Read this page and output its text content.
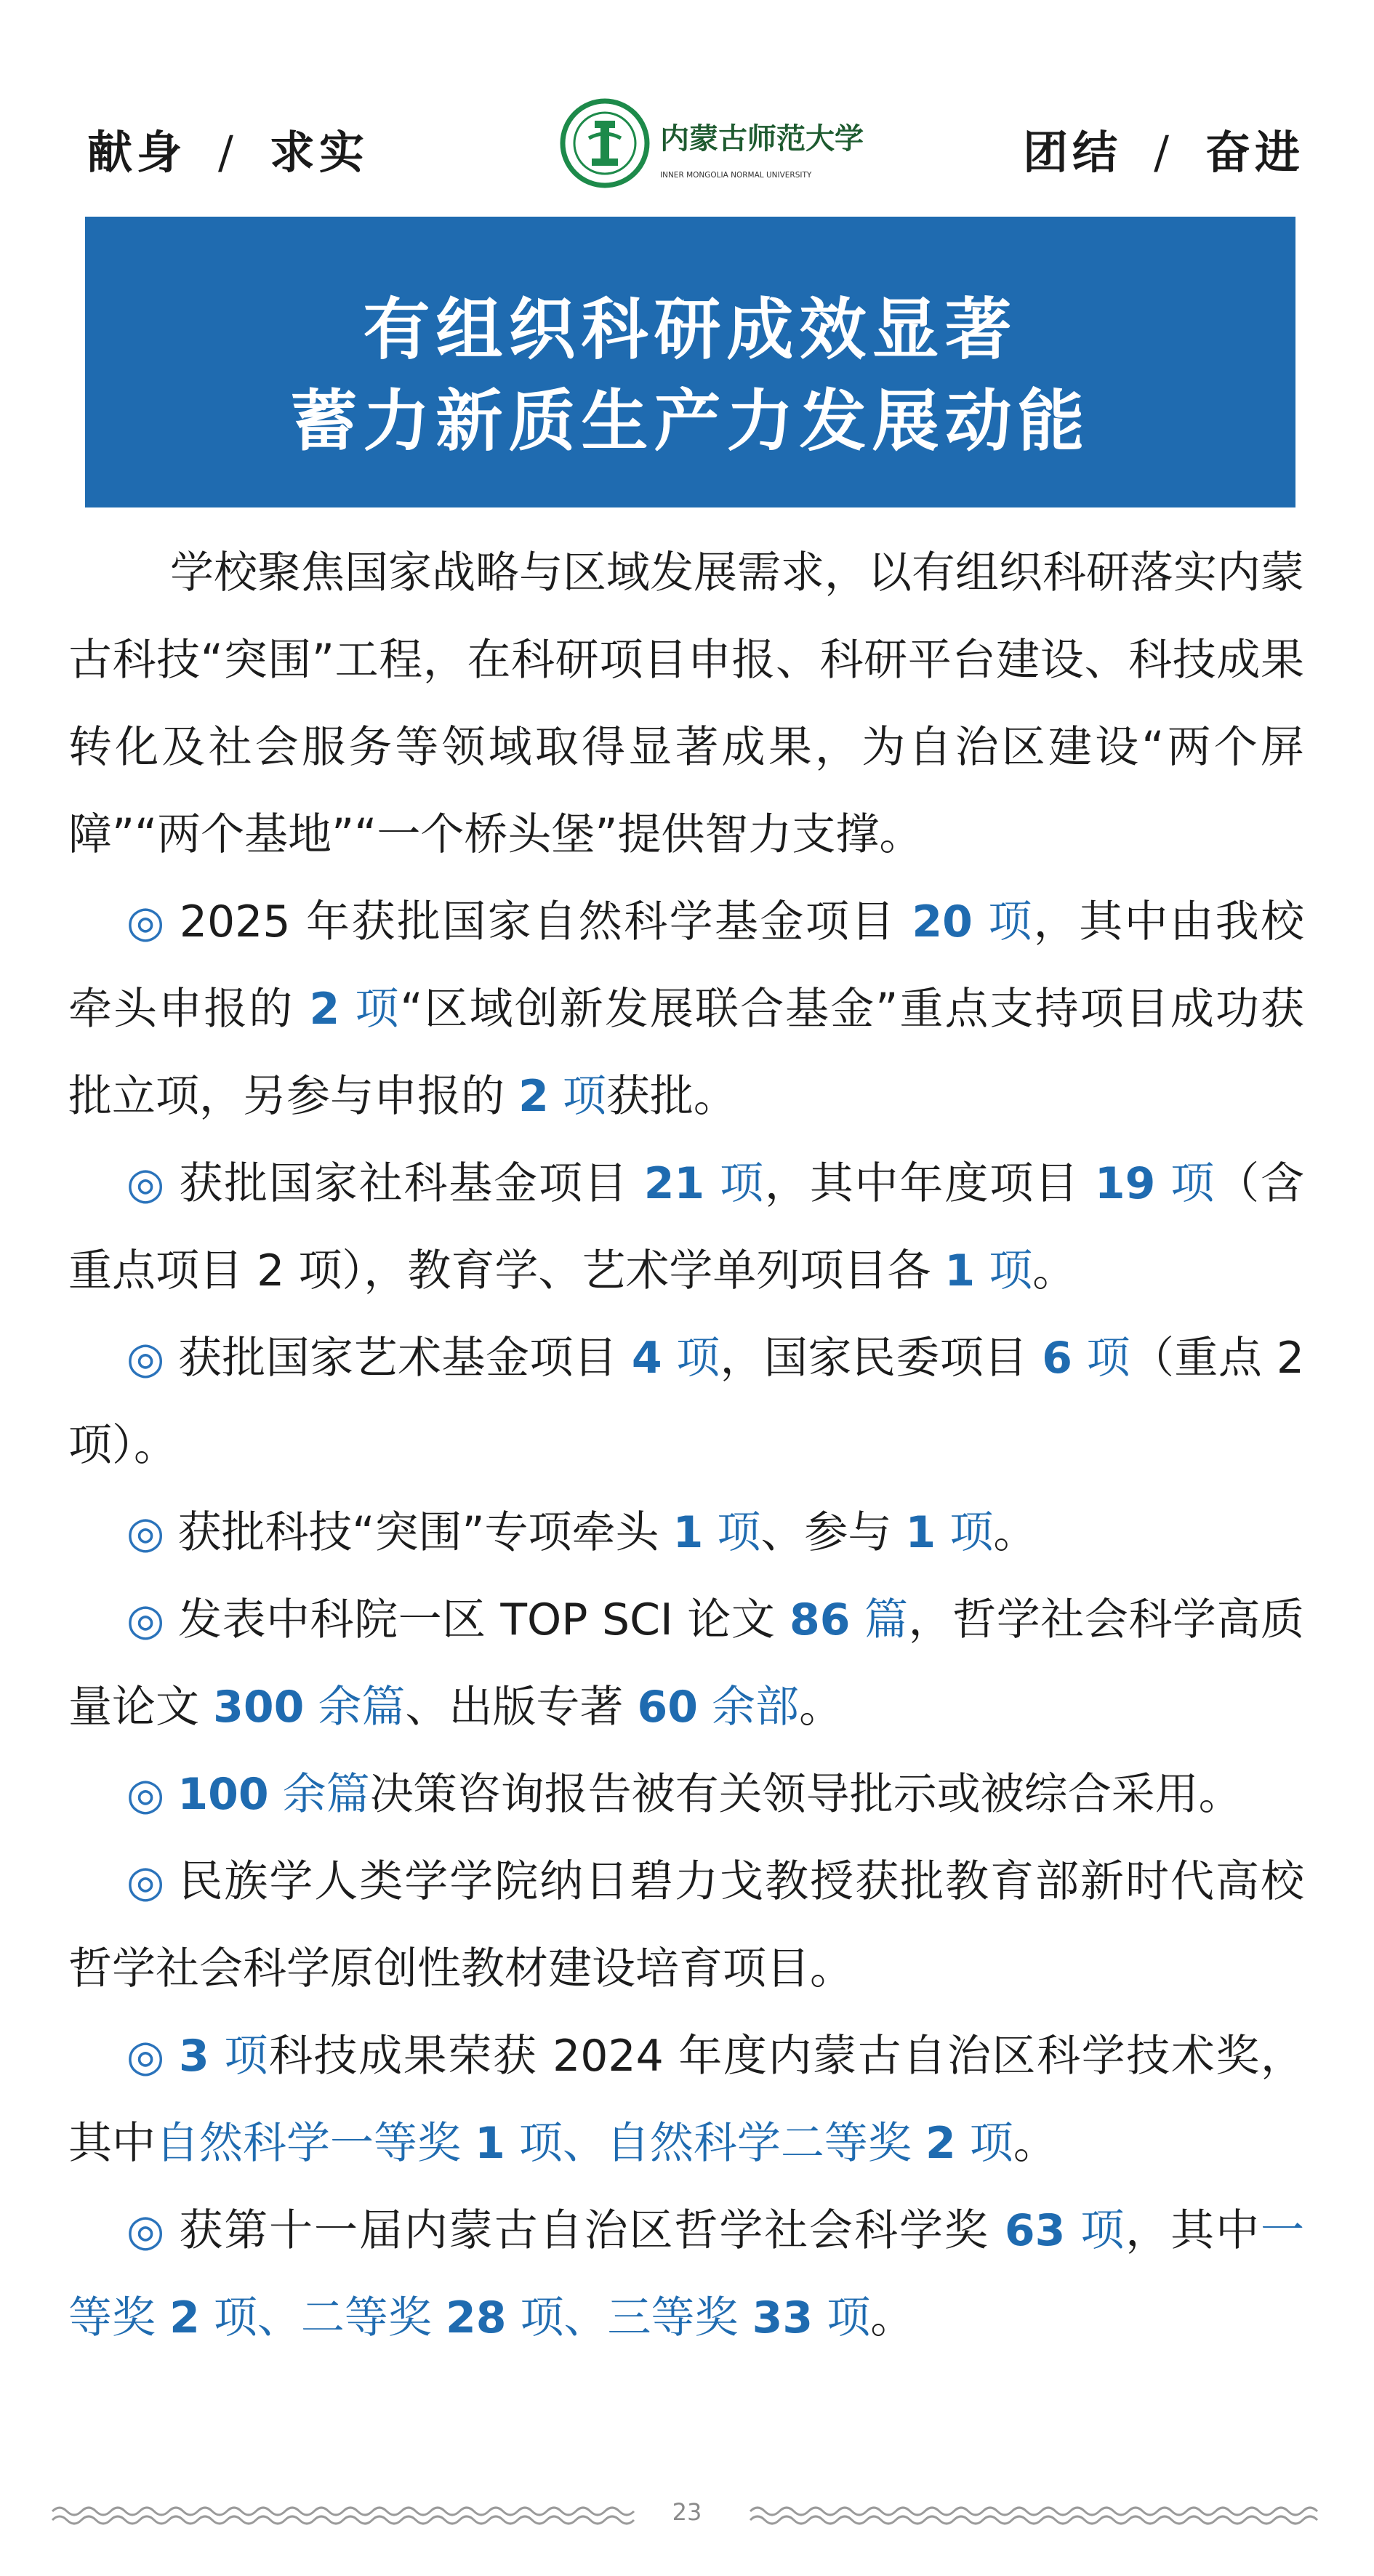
献身 / 求实	内蒙古师范大学
INNER MONGOLIA NORMAL UNIVERSITY	团结 / 奋进
有组织科研成效显著
蓄力新质生产力发展动能

学校聚焦国家战略与区域发展需求，以有组织科研落实内蒙古科技“突围”工程，在科研项目申报、科研平台建设、科技成果转化及社会服务等领域取得显著成果，为自治区建设“两个屏障”“两个基地”“一个桥头堡”提供智力支撑。

◎ 2025 年获批国家自然科学基金项目 20 项，其中由我校牵头申报的 2 项“区域创新发展联合基金”重点支持项目成功获批立项，另参与申报的 2 项获批。

◎ 获批国家社科基金项目 21 项，其中年度项目 19 项（含重点项目 2 项），教育学、艺术学单列项目各 1 项。

◎ 获批国家艺术基金项目 4 项，国家民委项目 6 项（重点 2 项）。

◎ 获批科技“突围”专项牵头 1 项、参与 1 项。

◎ 发表中科院一区 TOP SCI 论文 86 篇，哲学社会科学高质量论文 300 余篇、出版专著 60 余部。

◎ 100 余篇决策咨询报告被有关领导批示或被综合采用。

◎ 民族学人类学学院纳日碧力戈教授获批教育部新时代高校哲学社会科学原创性教材建设培育项目。

◎ 3 项科技成果荣获 2024 年度内蒙古自治区科学技术奖，其中自然科学一等奖 1 项、自然科学二等奖 2 项。

◎ 获第十一届内蒙古自治区哲学社会科学奖 63 项，其中一等奖 2 项、二等奖 28 项、三等奖 33 项。

23
